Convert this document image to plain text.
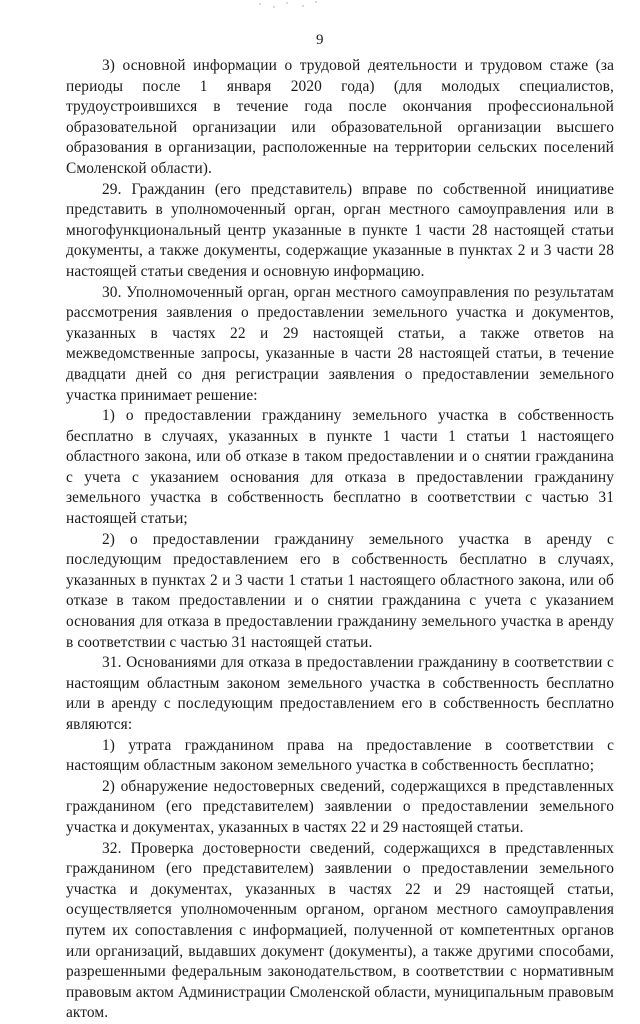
9

3) основной информации о трудовой деятельности и трудовом стаже (за периоды после 1 января 2020 года) (для молодых специалистов, трудоустроившихся в течение года после окончания профессиональной образовательной организации или образовательной организации высшего образования в организации, расположенные на территории сельских поселений Смоленской области).

29. Гражданин (его представитель) вправе по собственной инициативе представить в уполномоченный орган, орган местного самоуправления или в многофункциональный центр указанные в пункте 1 части 28 настоящей статьи документы, а также документы, содержащие указанные в пунктах 2 и 3 части 28 настоящей статьи сведения и основную информацию.

30. Уполномоченный орган, орган местного самоуправления по результатам рассмотрения заявления о предоставлении земельного участка и документов, указанных в частях 22 и 29 настоящей статьи, а также ответов на межведомственные запросы, указанные в части 28 настоящей статьи, в течение двадцати дней со дня регистрации заявления о предоставлении земельного участка принимает решение:

1) о предоставлении гражданину земельного участка в собственность бесплатно в случаях, указанных в пункте 1 части 1 статьи 1 настоящего областного закона, или об отказе в таком предоставлении и о снятии гражданина с учета с указанием основания для отказа в предоставлении гражданину земельного участка в собственность бесплатно в соответствии с частью 31 настоящей статьи;

2) о предоставлении гражданину земельного участка в аренду с последующим предоставлением его в собственность бесплатно в случаях, указанных в пунктах 2 и 3 части 1 статьи 1 настоящего областного закона, или об отказе в таком предоставлении и о снятии гражданина с учета с указанием основания для отказа в предоставлении гражданину земельного участка в аренду в соответствии с частью 31 настоящей статьи.

31. Основаниями для отказа в предоставлении гражданину в соответствии с настоящим областным законом земельного участка в собственность бесплатно или в аренду с последующим предоставлением его в собственность бесплатно являются:

1) утрата гражданином права на предоставление в соответствии с настоящим областным законом земельного участка в собственность бесплатно;

2) обнаружение недостоверных сведений, содержащихся в представленных гражданином (его представителем) заявлении о предоставлении земельного участка и документах, указанных в частях 22 и 29 настоящей статьи.

32. Проверка достоверности сведений, содержащихся в представленных гражданином (его представителем) заявлении о предоставлении земельного участка и документах, указанных в частях 22 и 29 настоящей статьи, осуществляется уполномоченным органом, органом местного самоуправления путем их сопоставления с информацией, полученной от компетентных органов или организаций, выдавших документ (документы), а также другими способами, разрешенными федеральным законодательством, в соответствии с нормативным правовым актом Администрации Смоленской области, муниципальным правовым актом.
